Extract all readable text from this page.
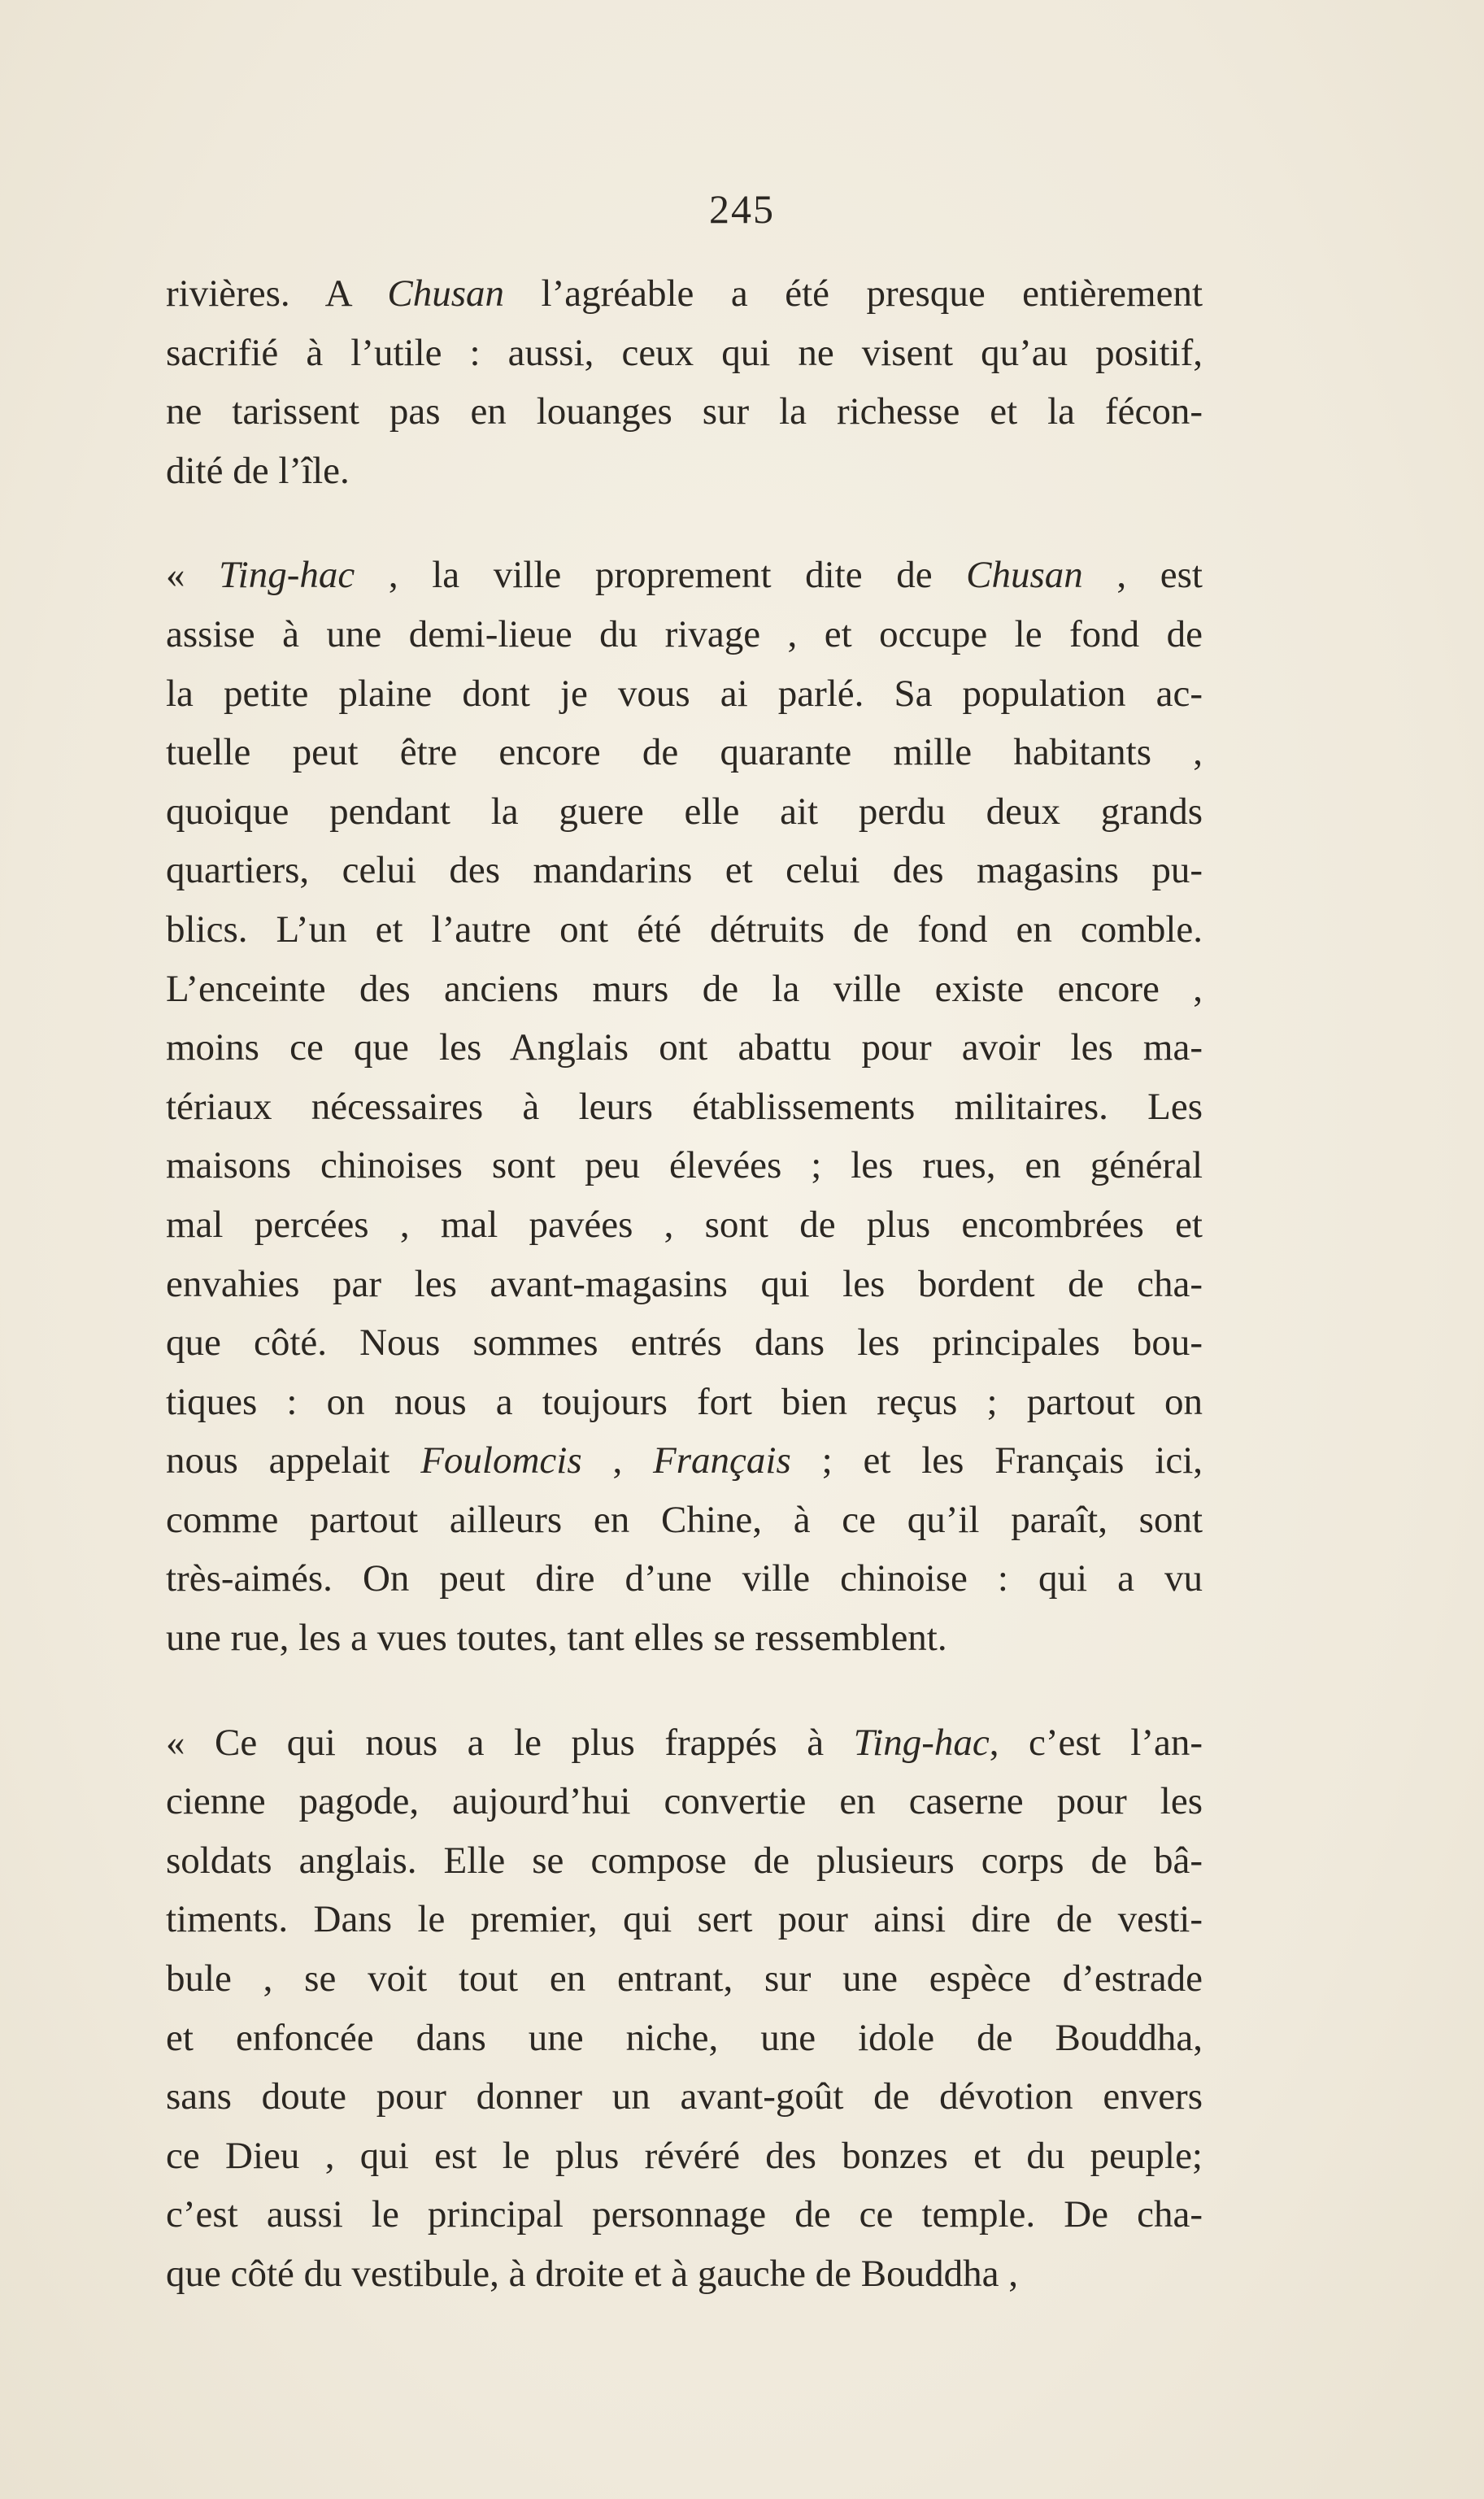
245
rivières. A Chusan l’agréable a été presque entièrement
sacrifié à l’utile : aussi, ceux qui ne visent qu’au positif,
ne tarissent pas en louanges sur la richesse et la fécon-
dité de l’île.
« Ting-hac , la ville proprement dite de Chusan , est
assise à une demi-lieue du rivage , et occupe le fond de
la petite plaine dont je vous ai parlé. Sa population ac-
tuelle peut être encore de quarante mille habitants ,
quoique pendant la guere elle ait perdu deux grands
quartiers, celui des mandarins et celui des magasins pu-
blics. L’un et l’autre ont été détruits de fond en comble.
L’enceinte des anciens murs de la ville existe encore ,
moins ce que les Anglais ont abattu pour avoir les ma-
tériaux nécessaires à leurs établissements militaires. Les
maisons chinoises sont peu élevées ; les rues, en général
mal percées , mal pavées , sont de plus encombrées et
envahies par les avant-magasins qui les bordent de cha-
que côté. Nous sommes entrés dans les principales bou-
tiques : on nous a toujours fort bien reçus ; partout on
nous appelait Foulomcis , Français ; et les Français ici,
comme partout ailleurs en Chine, à ce qu’il paraît, sont
très-aimés. On peut dire d’une ville chinoise : qui a vu
une rue, les a vues toutes, tant elles se ressemblent.
« Ce qui nous a le plus frappés à Ting-hac, c’est l’an-
cienne pagode, aujourd’hui convertie en caserne pour les
soldats anglais. Elle se compose de plusieurs corps de bâ-
timents. Dans le premier, qui sert pour ainsi dire de vesti-
bule , se voit tout en entrant, sur une espèce d’estrade
et enfoncée dans une niche, une idole de Bouddha,
sans doute pour donner un avant-goût de dévotion envers
ce Dieu , qui est le plus révéré des bonzes et du peuple;
c’est aussi le principal personnage de ce temple. De cha-
que côté du vestibule, à droite et à gauche de Bouddha ,
